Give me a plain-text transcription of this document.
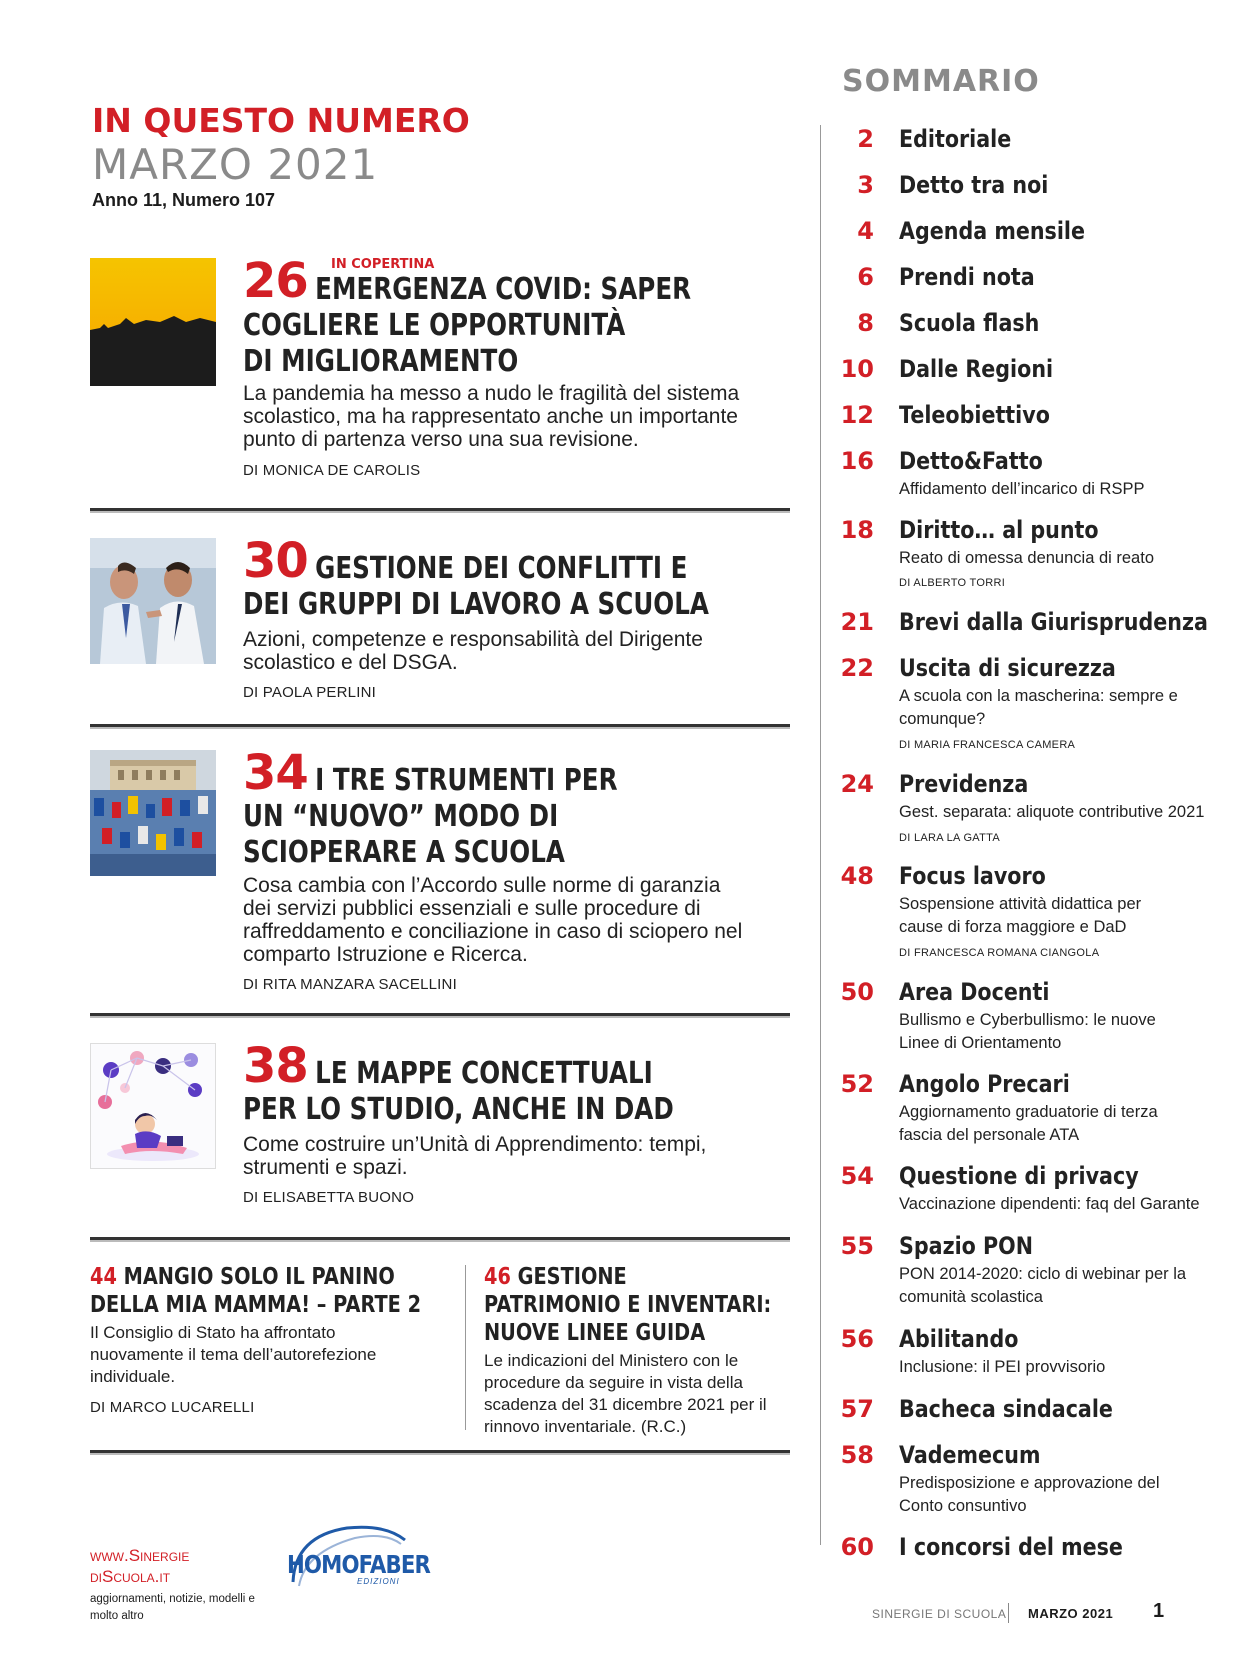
IN QUESTO NUMERO
MARZO 2021
Anno 11, Numero 107
26 IN COPERTINA
EMERGENZA COVID: SAPER
COGLIERE LE OPPORTUNITÀ
DI MIGLIORAMENTO
La pandemia ha messo a nudo le fragilità del sistema
scolastico, ma ha rappresentato anche un importante
punto di partenza verso una sua revisione.
DI MONICA DE CAROLIS
30 GESTIONE DEI CONFLITTI E
DEI GRUPPI DI LAVORO A SCUOLA
Azioni, competenze e responsabilità del Dirigente
scolastico e del DSGA.
DI PAOLA PERLINI
34 I TRE STRUMENTI PER
UN “NUOVO” MODO DI
SCIOPERARE A SCUOLA
Cosa cambia con l’Accordo sulle norme di garanzia
dei servizi pubblici essenziali e sulle procedure di
raffreddamento e conciliazione in caso di sciopero nel
comparto Istruzione e Ricerca.
DI RITA MANZARA SACELLINI
38 LE MAPPE CONCETTUALI
PER LO STUDIO, ANCHE IN DAD
Come costruire un’Unità di Apprendimento: tempi,
strumenti e spazi.
DI ELISABETTA BUONO
44 MANGIO SOLO IL PANINO
DELLA MIA MAMMA! – PARTE 2
Il Consiglio di Stato ha affrontato
nuovamente il tema dell’autorefezione
individuale.
DI MARCO LUCARELLI
46 GESTIONE
PATRIMONIO E INVENTARI:
NUOVE LINEE GUIDA
Le indicazioni del Ministero con le
procedure da seguire in vista della
scadenza del 31 dicembre 2021 per il
rinnovo inventariale. (R.C.)
SOMMARIO
2 Editoriale
3 Detto tra noi
4 Agenda mensile
6 Prendi nota
8 Scuola flash
10 Dalle Regioni
12 Teleobiettivo
16 Detto&Fatto
Affidamento dell’incarico di RSPP
18 Diritto… al punto
Reato di omessa denuncia di reato
DI ALBERTO TORRI
21 Brevi dalla Giurisprudenza
22 Uscita di sicurezza
A scuola con la mascherina: sempre e comunque?
DI MARIA FRANCESCA CAMERA
24 Previdenza
Gest. separata: aliquote contributive 2021
DI LARA LA GATTA
48 Focus lavoro
Sospensione attività didattica per cause di forza maggiore e DaD
DI FRANCESCA ROMANA CIANGOLA
50 Area Docenti
Bullismo e Cyberbullismo: le nuove Linee di Orientamento
52 Angolo Precari
Aggiornamento graduatorie di terza fascia del personale ATA
54 Questione di privacy
Vaccinazione dipendenti: faq del Garante
55 Spazio PON
PON 2014-2020: ciclo di webinar per la comunità scolastica
56 Abilitando
Inclusione: il PEI provvisorio
57 Bacheca sindacale
58 Vademecum
Predisposizione e approvazione del Conto consuntivo
60 I concorsi del mese
www.Sinergie
diScuola.it
aggiornamenti, notizie, modelli e molto altro
HOMOFABER
EDIZIONI
SINERGIE DI SCUOLA MARZO 2021 1
